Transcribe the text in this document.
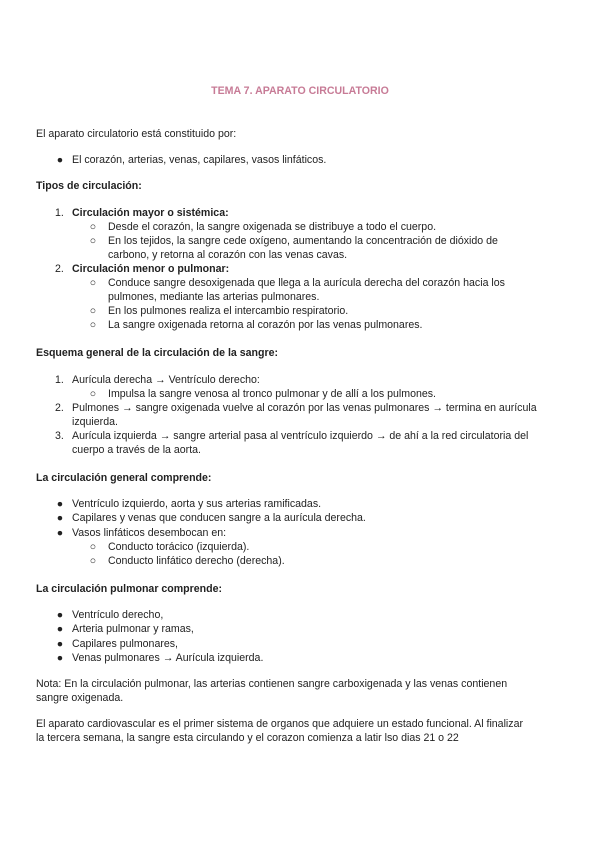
TEMA 7. APARATO CIRCULATORIO
El aparato circulatorio está constituido por:
● El corazón, arterias, venas, capilares, vasos linfáticos.
Tipos de circulación:
1. Circulación mayor o sistémica:
○ Desde el corazón, la sangre oxigenada se distribuye a todo el cuerpo.
○ En los tejidos, la sangre cede oxígeno, aumentando la concentración de dióxido de
carbono, y retorna al corazón con las venas cavas.
2. Circulación menor o pulmonar:
○ Conduce sangre desoxigenada que llega a la aurícula derecha del corazón hacia los
pulmones, mediante las arterias pulmonares.
○ En los pulmones realiza el intercambio respiratorio.
○ La sangre oxigenada retorna al corazón por las venas pulmonares.
Esquema general de la circulación de la sangre:
1. Aurícula derecha → Ventrículo derecho:
○ Impulsa la sangre venosa al tronco pulmonar y de allí a los pulmones.
2. Pulmones → sangre oxigenada vuelve al corazón por las venas pulmonares → termina en aurícula
izquierda.
3. Aurícula izquierda → sangre arterial pasa al ventrículo izquierdo → de ahí a la red circulatoria del
cuerpo a través de la aorta.
La circulación general comprende:
● Ventrículo izquierdo, aorta y sus arterias ramificadas.
● Capilares y venas que conducen sangre a la aurícula derecha.
● Vasos linfáticos desembocan en:
○ Conducto torácico (izquierda).
○ Conducto linfático derecho (derecha).
La circulación pulmonar comprende:
● Ventrículo derecho,
● Arteria pulmonar y ramas,
● Capilares pulmonares,
● Venas pulmonares → Aurícula izquierda.
Nota: En la circulación pulmonar, las arterias contienen sangre carboxigenada y las venas contienen
sangre oxigenada.
El aparato cardiovascular es el primer sistema de organos que adquiere un estado funcional. Al finalizar
la tercera semana, la sangre esta circulando y el corazon comienza a latir lso dias 21 o 22
